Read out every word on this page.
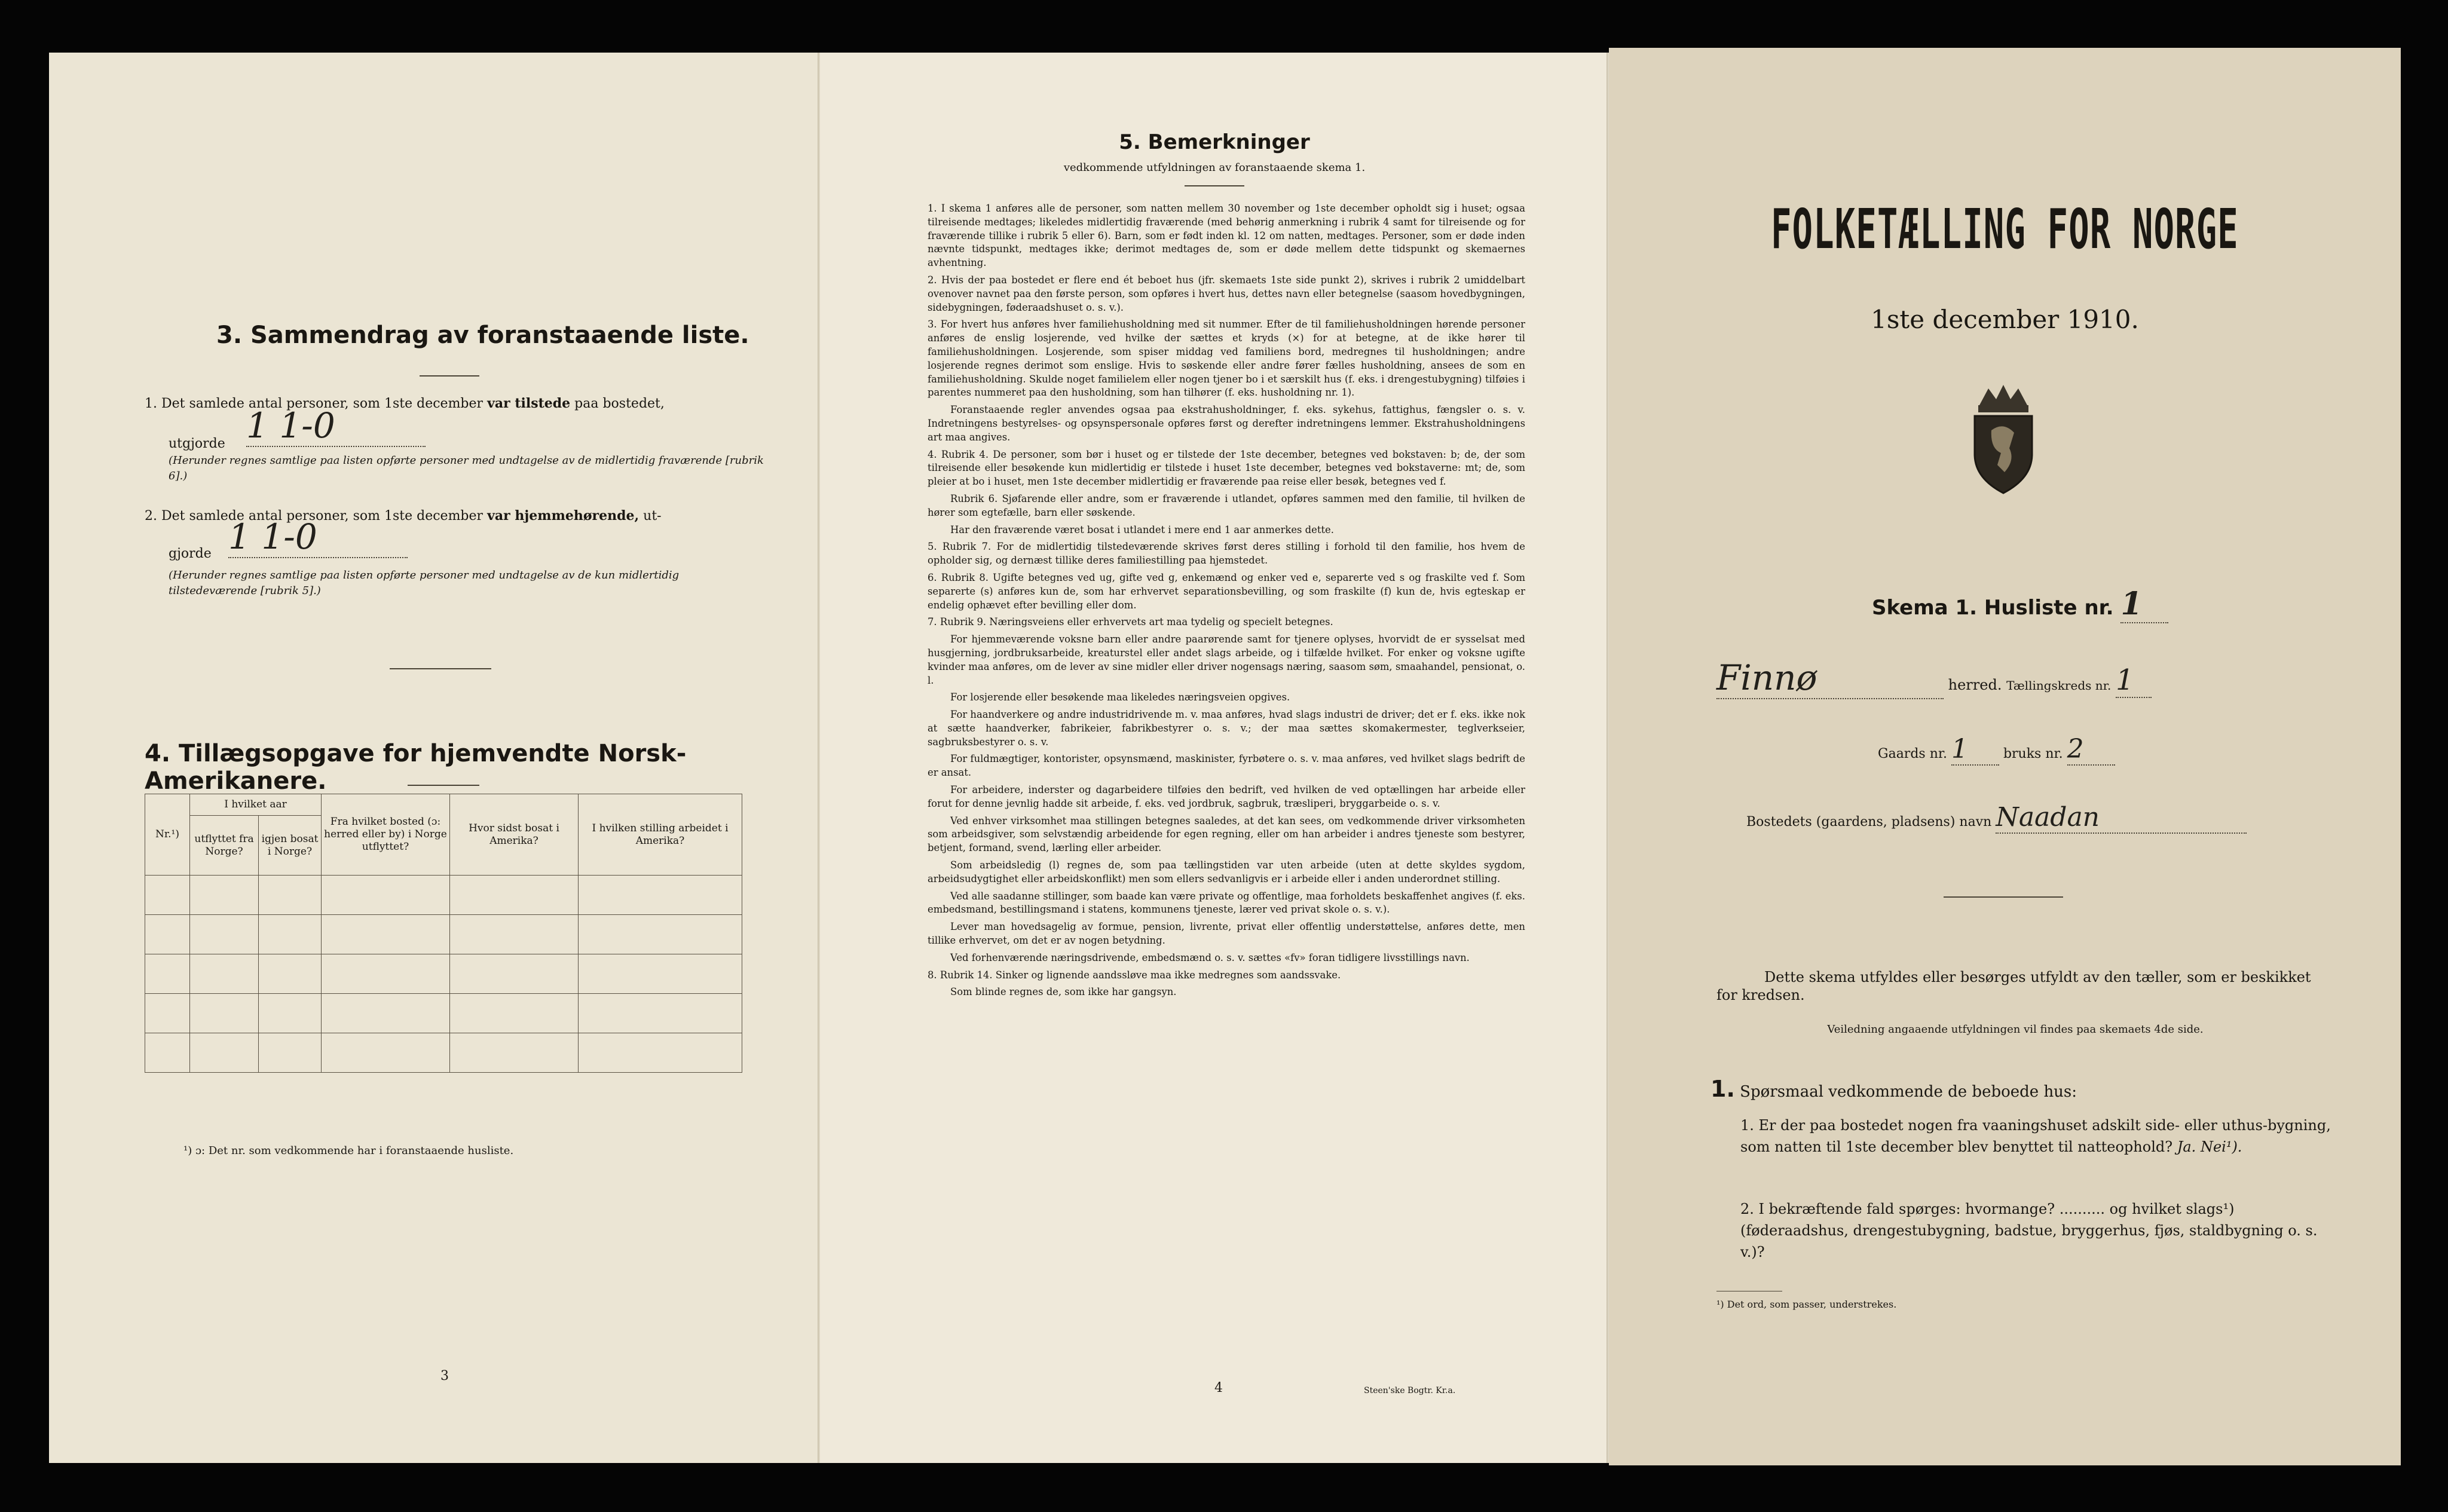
3. Sammendrag av foranstaaende liste.
1. Det samlede antal personer, som 1ste december var tilstede paa bostedet,
utgjorde 1 1-0
(Herunder regnes samtlige paa listen opførte personer med undtagelse av de midlertidig fraværende [rubrik 6].)
2. Det samlede antal personer, som 1ste december var hjemmehørende, ut-
gjorde 1 1-0
(Herunder regnes samtlige paa listen opførte personer med undtagelse av de kun midlertidig tilstedeværende [rubrik 5].)
4. Tillægsopgave for hjemvendte Norsk-Amerikanere.
Nr.¹)	I hvilket aar		Fra hvilket bosted (ɔ: herred eller by) i Norge utflyttet?	Hvor sidst bosat i Amerika?	I hvilken stilling arbeidet i Amerika?
	utflyttet fra Norge?	igjen bosat i Norge?			

¹) ɔ: Det nr. som vedkommende har i foranstaaende husliste.
3
5. Bemerkninger
vedkommende utfyldningen av foranstaaende skema 1.

1. I skema 1 anføres alle de personer, som natten mellem 30 november og 1ste december opholdt sig i huset; ogsaa tilreisende medtages; likeledes midlertidig fraværende (med behørig anmerkning i rubrik 4 samt for tilreisende og for fraværende tillike i rubrik 5 eller 6). Barn, som er født inden kl. 12 om natten, medtages. Personer, som er døde inden nævnte tidspunkt, medtages ikke; derimot medtages de, som er døde mellem dette tidspunkt og skemaernes avhentning.

2. Hvis der paa bostedet er flere end ét beboet hus (jfr. skemaets 1ste side punkt 2), skrives i rubrik 2 umiddelbart ovenover navnet paa den første person, som opføres i hvert hus, dettes navn eller betegnelse (saasom hovedbygningen, sidebygningen, føderaadshuset o. s. v.).

3. For hvert hus anføres hver familiehusholdning med sit nummer. Efter de til familiehusholdningen hørende personer anføres de enslig losjerende, ved hvilke der sættes et kryds (×) for at betegne, at de ikke hører til familiehusholdningen. Losjerende, som spiser middag ved familiens bord, medregnes til husholdningen; andre losjerende regnes derimot som enslige. Hvis to søskende eller andre fører fælles husholdning, ansees de som en familiehusholdning. Skulde noget familielem eller nogen tjener bo i et særskilt hus (f. eks. i drengestubygning) tilføies i parentes nummeret paa den husholdning, som han tilhører (f. eks. husholdning nr. 1).

Foranstaaende regler anvendes ogsaa paa ekstrahusholdninger, f. eks. sykehus, fattighus, fængsler o. s. v. Indretningens bestyrelses- og opsynspersonale opføres først og derefter indretningens lemmer. Ekstrahusholdningens art maa angives.

4. Rubrik 4. De personer, som bør i huset og er tilstede der 1ste december, betegnes ved bokstaven: b; de, der som tilreisende eller besøkende kun midlertidig er tilstede i huset 1ste december, betegnes ved bokstaverne: mt; de, som pleier at bo i huset, men 1ste december midlertidig er fraværende paa reise eller besøk, betegnes ved f.

Rubrik 6. Sjøfarende eller andre, som er fraværende i utlandet, opføres sammen med den familie, til hvilken de hører som egtefælle, barn eller søskende.

Har den fraværende været bosat i utlandet i mere end 1 aar anmerkes dette.

5. Rubrik 7. For de midlertidig tilstedeværende skrives først deres stilling i forhold til den familie, hos hvem de opholder sig, og dernæst tillike deres familiestilling paa hjemstedet.

6. Rubrik 8. Ugifte betegnes ved ug, gifte ved g, enkemænd og enker ved e, separerte ved s og fraskilte ved f. Som separerte (s) anføres kun de, som har erhvervet separationsbevilling, og som fraskilte (f) kun de, hvis egteskap er endelig ophævet efter bevilling eller dom.

7. Rubrik 9. Næringsveiens eller erhvervets art maa tydelig og specielt betegnes.

For hjemmeværende voksne barn eller andre paarørende samt for tjenere oplyses, hvorvidt de er sysselsat med husgjerning, jordbruksarbeide, kreaturstel eller andet slags arbeide, og i tilfælde hvilket. For enker og voksne ugifte kvinder maa anføres, om de lever av sine midler eller driver nogensags næring, saasom søm, smaahandel, pensionat, o. l.

For losjerende eller besøkende maa likeledes næringsveien opgives.

For haandverkere og andre industridrivende m. v. maa anføres, hvad slags industri de driver; det er f. eks. ikke nok at sætte haandverker, fabrikeier, fabrikbestyrer o. s. v.; der maa sættes skomakermester, teglverkseier, sagbruksbestyrer o. s. v.

For fuldmægtiger, kontorister, opsynsmænd, maskinister, fyrbøtere o. s. v. maa anføres, ved hvilket slags bedrift de er ansat.

For arbeidere, inderster og dagarbeidere tilføies den bedrift, ved hvilken de ved optællingen har arbeide eller forut for denne jevnlig hadde sit arbeide, f. eks. ved jordbruk, sagbruk, træsliperi, bryggarbeide o. s. v.

Ved enhver virksomhet maa stillingen betegnes saaledes, at det kan sees, om vedkommende driver virksomheten som arbeidsgiver, som selvstændig arbeidende for egen regning, eller om han arbeider i andres tjeneste som bestyrer, betjent, formand, svend, lærling eller arbeider.

Som arbeidsledig (l) regnes de, som paa tællingstiden var uten arbeide (uten at dette skyldes sygdom, arbeidsudygtighet eller arbeidskonflikt) men som ellers sedvanligvis er i arbeide eller i anden underordnet stilling.

Ved alle saadanne stillinger, som baade kan være private og offentlige, maa forholdets beskaffenhet angives (f. eks. embedsmand, bestillingsmand i statens, kommunens tjeneste, lærer ved privat skole o. s. v.).

Lever man hovedsagelig av formue, pension, livrente, privat eller offentlig understøttelse, anføres dette, men tillike erhvervet, om det er av nogen betydning.

Ved forhenværende næringsdrivende, embedsmænd o. s. v. sættes «fv» foran tidligere livsstillings navn.

8. Rubrik 14. Sinker og lignende aandssløve maa ikke medregnes som aandssvake.

Som blinde regnes de, som ikke har gangsyn.

4	Steen'ske Bogtr. Kr.a.
FOLKETÆLLING FOR NORGE
1ste december 1910.
Skema 1. Husliste nr. 1
Finnø	herred. Tællingskreds nr. 1
Gaards nr. 1	bruks nr. 2
Bostedets (gaardens, pladsens) navn Naadan
Dette skema utfyldes eller besørges utfyldt av den tæller, som er beskikket for kredsen.
Veiledning angaaende utfyldningen vil findes paa skemaets 4de side.
1. Spørsmaal vedkommende de beboede hus:
1. Er der paa bostedet nogen fra vaaningshuset adskilt side- eller uthus-bygning, som natten til 1ste december blev benyttet til natteophold? Ja. Nei¹).
2. I bekræftende fald spørges: hvormange? .......... og hvilket slags¹) (føderaadshus, drengestubygning, badstue, bryggerhus, fjøs, staldbygning o. s. v.)?
¹) Det ord, som passer, understrekes.
